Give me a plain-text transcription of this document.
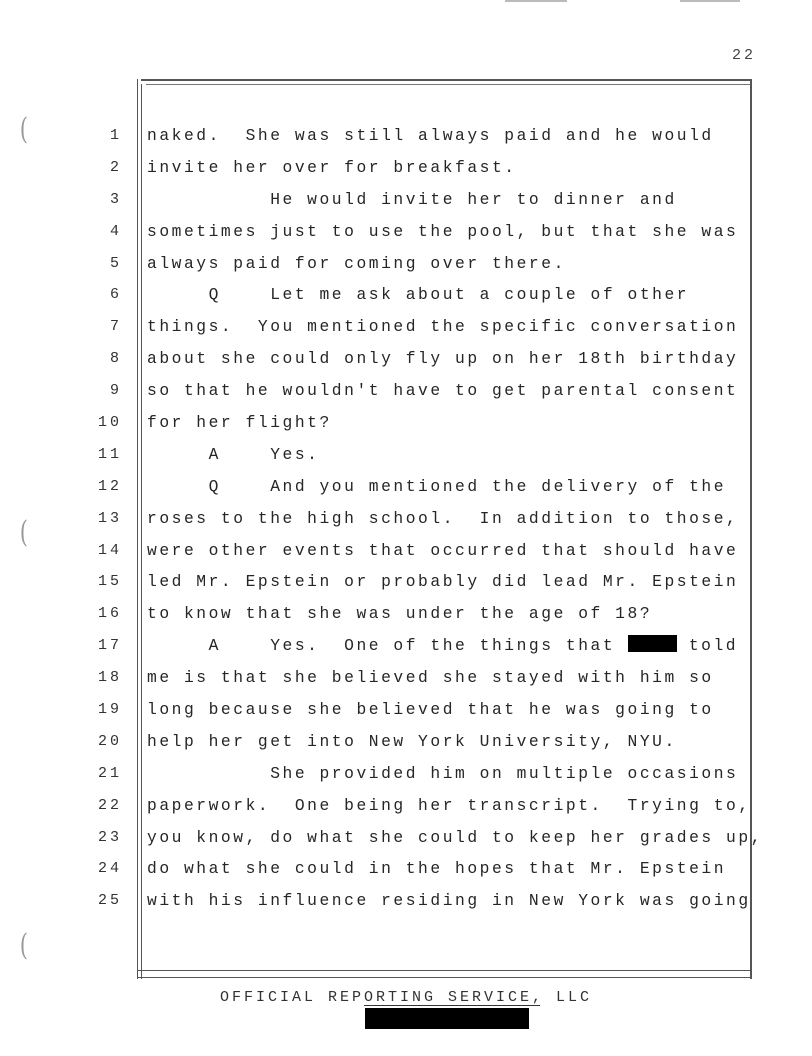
22
(
(
(
1
2
3
4
5
6
7
8
9
10
11
12
13
14
15
16
17
18
19
20
21
22
23
24
25
naked.  She was still always paid and he would
invite her over for breakfast.
He would invite her to dinner and
sometimes just to use the pool, but that she was
always paid for coming over there.
Q    Let me ask about a couple of other
things.  You mentioned the specific conversation
about she could only fly up on her 18th birthday
so that he wouldn't have to get parental consent
for her flight?
A    Yes.
Q    And you mentioned the delivery of the
roses to the high school.  In addition to those,
were other events that occurred that should have
led Mr. Epstein or probably did lead Mr. Epstein
to know that she was under the age of 18?
A    Yes.  One of the things that	told
me is that she believed she stayed with him so
long because she believed that he was going to
help her get into New York University, NYU.
She provided him on multiple occasions
paperwork.  One being her transcript.  Trying to,
you know, do what she could to keep her grades up,
do what she could in the hopes that Mr. Epstein
with his influence residing in New York was going
OFFICIAL REPORTING SERVICE, LLC
